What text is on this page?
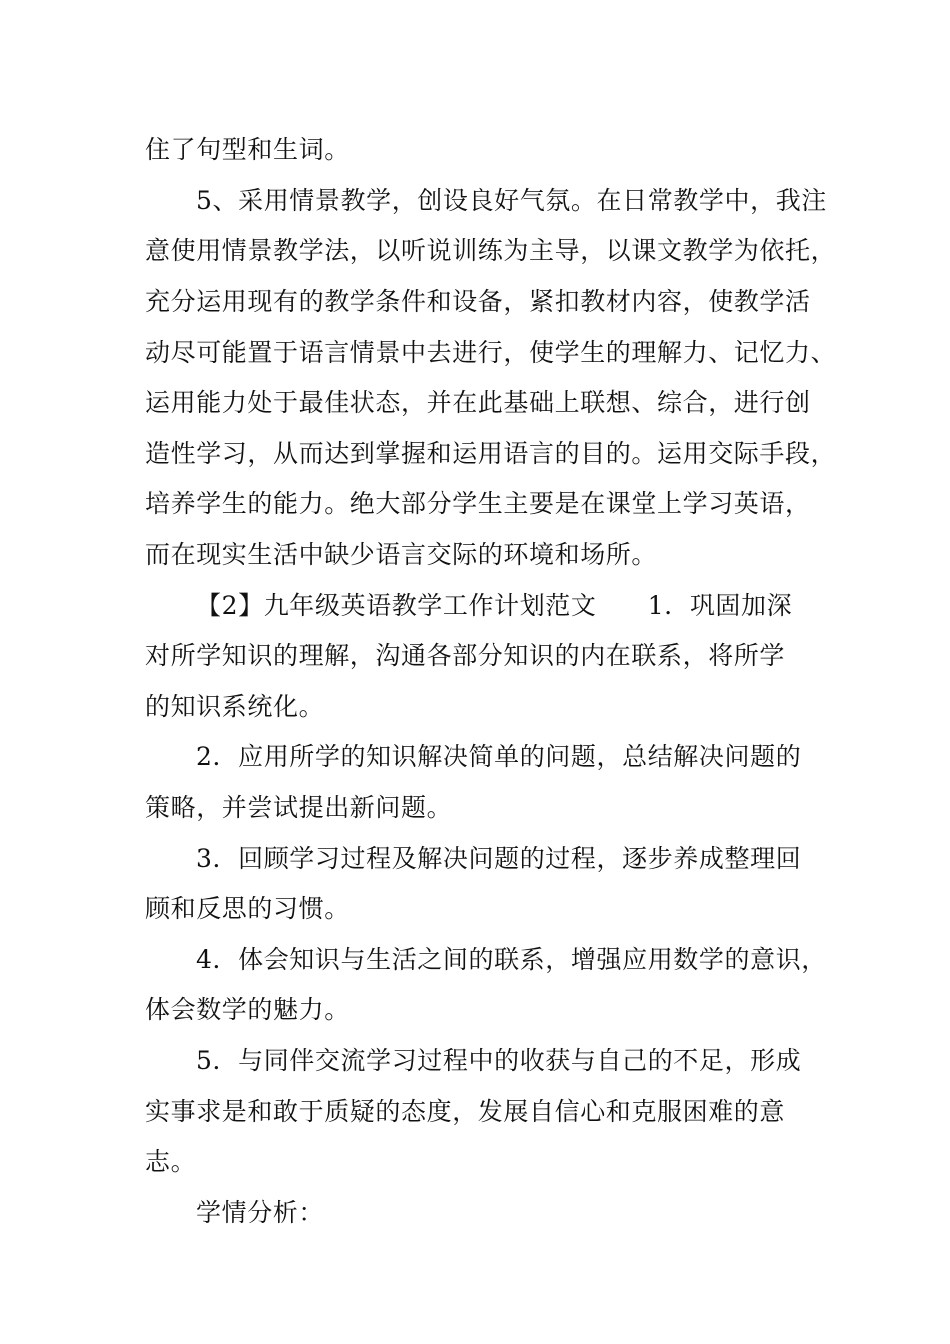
住了句型和生词。
5、采用情景教学，创设良好气氛。在日常教学中，我注
意使用情景教学法，以听说训练为主导，以课文教学为依托，
充分运用现有的教学条件和设备，紧扣教材内容，使教学活
动尽可能置于语言情景中去进行，使学生的理解力、记忆力、
运用能力处于最佳状态，并在此基础上联想、综合，进行创
造性学习，从而达到掌握和运用语言的目的。运用交际手段，
培养学生的能力。绝大部分学生主要是在课堂上学习英语，
而在现实生活中缺少语言交际的环境和场所。
【2】九年级英语教学工作计划范文　　1．巩固加深
对所学知识的理解，沟通各部分知识的内在联系，将所学
的知识系统化。
2．应用所学的知识解决简单的问题，总结解决问题的
策略，并尝试提出新问题。
3．回顾学习过程及解决问题的过程，逐步养成整理回
顾和反思的习惯。
4．体会知识与生活之间的联系，增强应用数学的意识，
体会数学的魅力。
5．与同伴交流学习过程中的收获与自己的不足，形成
实事求是和敢于质疑的态度，发展自信心和克服困难的意
志。
学情分析：
